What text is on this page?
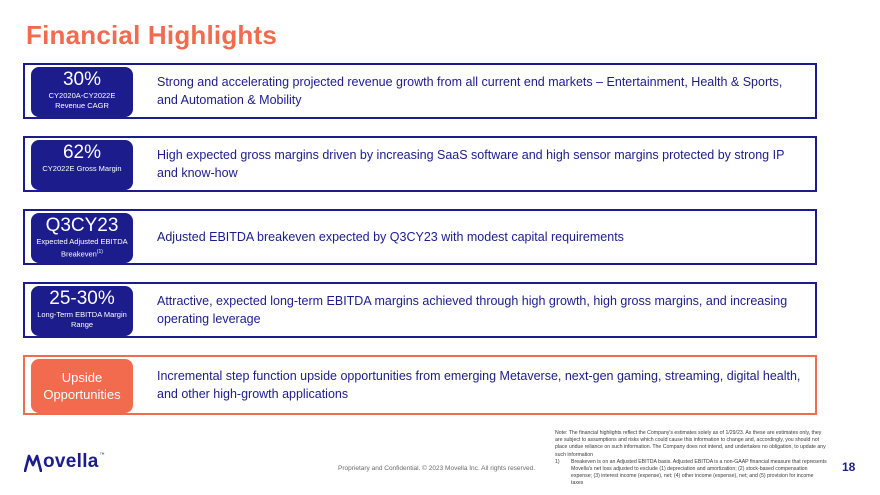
Financial Highlights
30%
CY2020A-CY2022E Revenue CAGR
Strong and accelerating projected revenue growth from all current end markets – Entertainment, Health & Sports, and Automation & Mobility
62%
CY2022E Gross Margin
High expected gross margins driven by increasing SaaS software and high sensor margins protected by strong IP and know-how
Q3CY23
Expected Adjusted EBITDA Breakeven$^{(1)}$
Adjusted EBITDA breakeven expected by Q3CY23 with modest capital requirements
25-30%
Long-Term EBITDA Margin Range
Attractive, expected long-term EBITDA margins achieved through high growth, high gross margins, and increasing operating leverage
Upside
Opportunities
Incremental step function upside opportunities from emerging Metaverse, next-gen gaming, streaming, digital health, and other high-growth applications
ovella ™
Proprietary and Confidential. © 2023 Movella Inc. All rights reserved.
Note: The financial highlights reflect the Company's estimates solely as of 1/29/23. As these are estimates only, they are subject to assumptions and risks which could cause this information to change and, accordingly, you should not place undue reliance on such information. The Company does not intend, and undertakes no obligation, to update any such information
1)	Breakeven is on an Adjusted EBITDA basis. Adjusted EBITDA is a non-GAAP financial measure that represents Movella's net loss adjusted to exclude (1) depreciation and amortization; (2) stock-based compensation expense; (3) interest income (expense), net; (4) other income (expense), net; and (5) provision for income taxes
18
